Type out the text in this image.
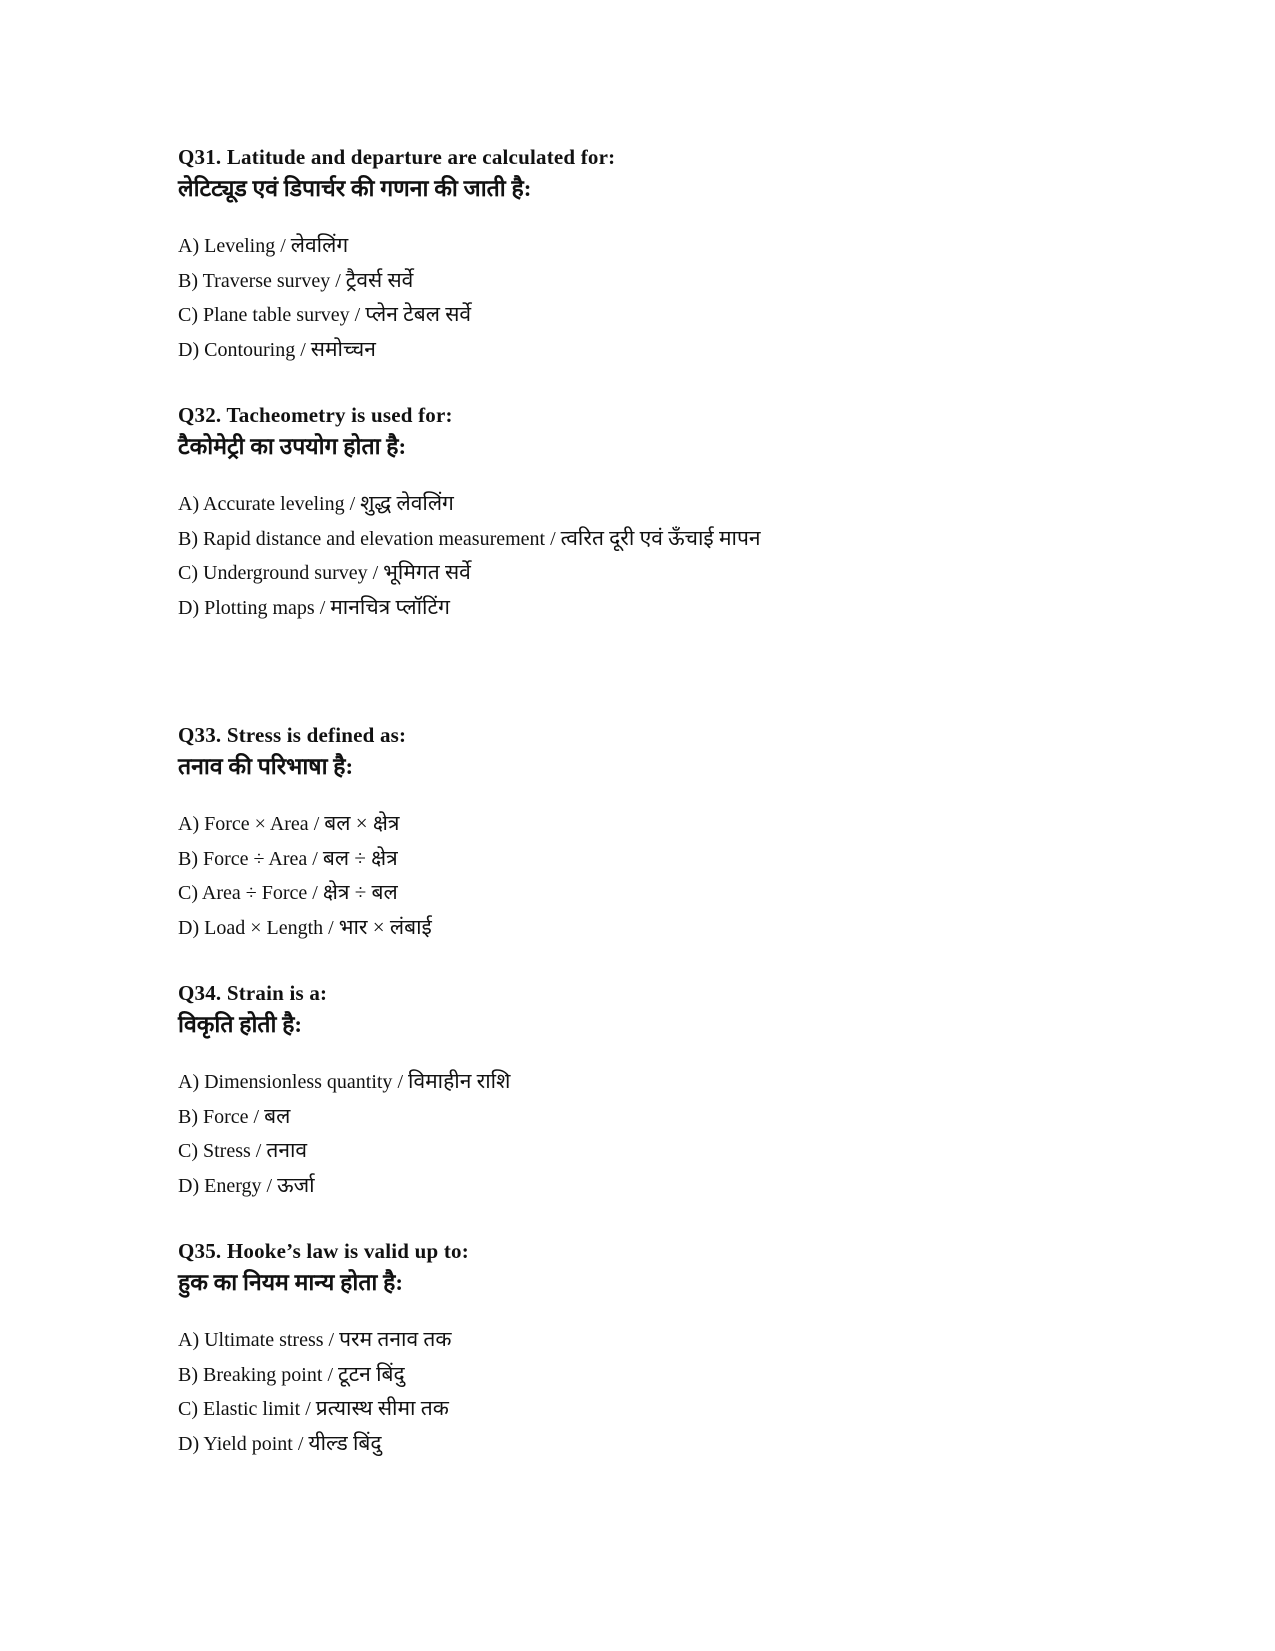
Q31. Latitude and departure are calculated for:
लेटिट्यूड एवं डिपार्चर की गणना की जाती है:
A) Leveling / लेवलिंग
B) Traverse survey / ट्रैवर्स सर्वे
C) Plane table survey / प्लेन टेबल सर्वे
D) Contouring / समोच्चन
Q32. Tacheometry is used for:
टैकोमेट्री का उपयोग होता है:
A) Accurate leveling / शुद्ध लेवलिंग
B) Rapid distance and elevation measurement / त्वरित दूरी एवं ऊँचाई मापन
C) Underground survey / भूमिगत सर्वे
D) Plotting maps / मानचित्र प्लॉटिंग
Q33. Stress is defined as:
तनाव की परिभाषा है:
A) Force × Area / बल × क्षेत्र
B) Force ÷ Area / बल ÷ क्षेत्र
C) Area ÷ Force / क्षेत्र ÷ बल
D) Load × Length / भार × लंबाई
Q34. Strain is a:
विकृति होती है:
A) Dimensionless quantity / विमाहीन राशि
B) Force / बल
C) Stress / तनाव
D) Energy / ऊर्जा
Q35. Hooke’s law is valid up to:
हुक का नियम मान्य होता है:
A) Ultimate stress / परम तनाव तक
B) Breaking point / टूटन बिंदु
C) Elastic limit / प्रत्यास्थ सीमा तक
D) Yield point / यील्ड बिंदु
